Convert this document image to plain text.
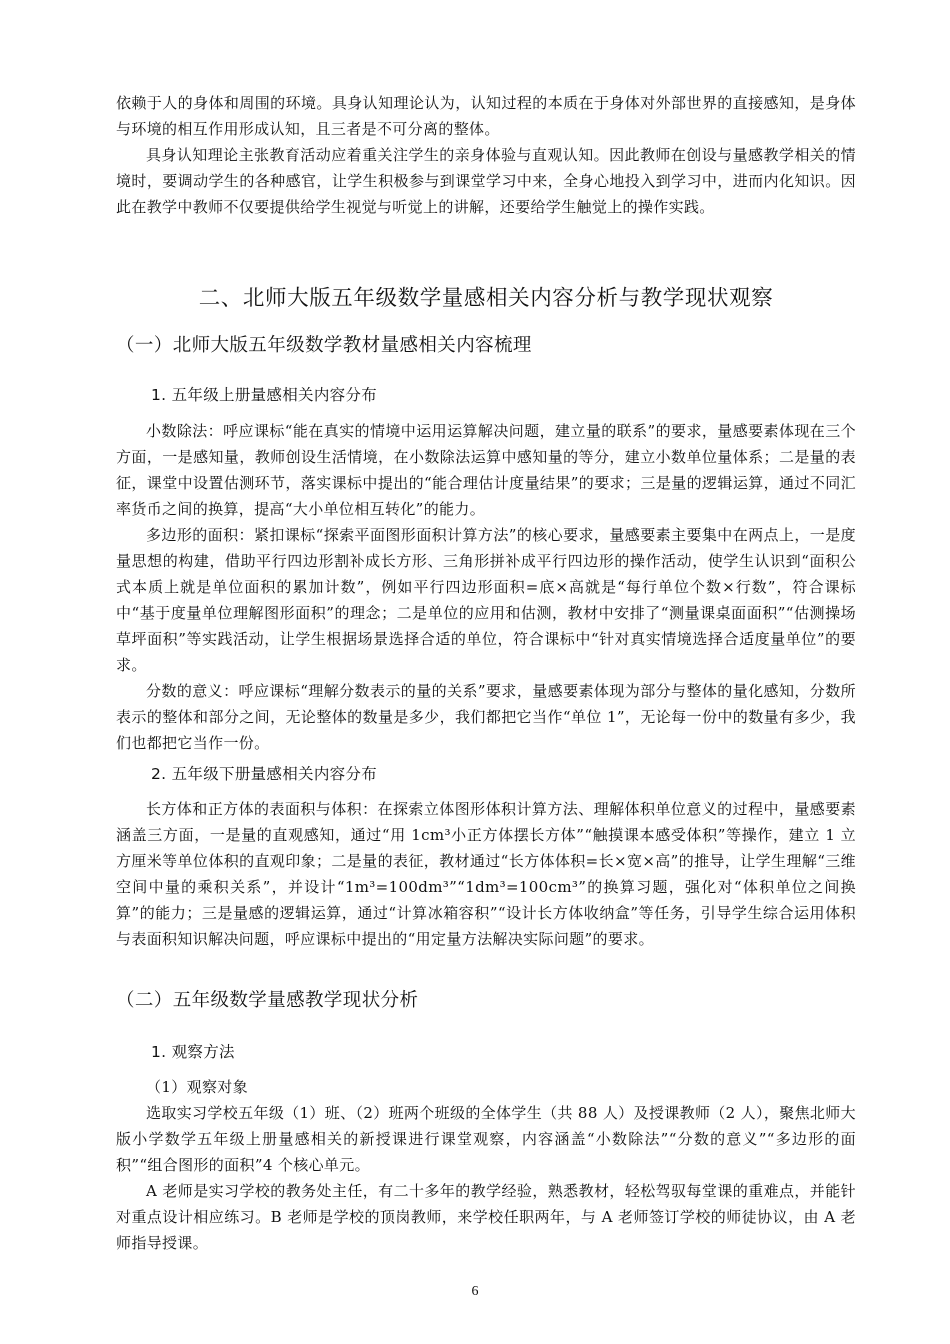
依赖于人的身体和周围的环境。具身认知理论认为，认知过程的本质在于身体对外部世界的直接感知，是身体与环境的相互作用形成认知，且三者是不可分离的整体。

具身认知理论主张教育活动应着重关注学生的亲身体验与直观认知。因此教师在创设与量感教学相关的情境时，要调动学生的各种感官，让学生积极参与到课堂学习中来，全身心地投入到学习中，进而内化知识。因此在教学中教师不仅要提供给学生视觉与听觉上的讲解，还要给学生触觉上的操作实践。

二、北师大版五年级数学量感相关内容分析与教学现状观察
（一）北师大版五年级数学教材量感相关内容梳理
1. 五年级上册量感相关内容分布

小数除法：呼应课标“能在真实的情境中运用运算解决问题，建立量的联系”的要求，量感要素体现在三个方面，一是感知量，教师创设生活情境，在小数除法运算中感知量的等分，建立小数单位量体系；二是量的表征，课堂中设置估测环节，落实课标中提出的“能合理估计度量结果”的要求；三是量的逻辑运算，通过不同汇率货币之间的换算，提高“大小单位相互转化”的能力。

多边形的面积：紧扣课标“探索平面图形面积计算方法”的核心要求，量感要素主要集中在两点上，一是度量思想的构建，借助平行四边形割补成长方形、三角形拼补成平行四边形的操作活动，使学生认识到“面积公式本质上就是单位面积的累加计数”，例如平行四边形面积=底×高就是“每行单位个数×行数”，符合课标中“基于度量单位理解图形面积”的理念；二是单位的应用和估测，教材中安排了“测量课桌面面积”“估测操场草坪面积”等实践活动，让学生根据场景选择合适的单位，符合课标中“针对真实情境选择合适度量单位”的要求。

分数的意义：呼应课标“理解分数表示的量的关系”要求，量感要素体现为部分与整体的量化感知，分数所表示的整体和部分之间，无论整体的数量是多少，我们都把它当作“单位 1”，无论每一份中的数量有多少，我们也都把它当作一份。

2. 五年级下册量感相关内容分布

长方体和正方体的表面积与体积：在探索立体图形体积计算方法、理解体积单位意义的过程中，量感要素涵盖三方面，一是量的直观感知，通过“用 1cm³小正方体摆长方体”“触摸课本感受体积”等操作，建立 1 立方厘米等单位体积的直观印象；二是量的表征，教材通过“长方体体积=长×宽×高”的推导，让学生理解“三维空间中量的乘积关系”，并设计“1m³=100dm³”“1dm³=100cm³”的换算习题，强化对“体积单位之间换算”的能力；三是量感的逻辑运算，通过“计算冰箱容积”“设计长方体收纳盒”等任务，引导学生综合运用体积与表面积知识解决问题，呼应课标中提出的“用定量方法解决实际问题”的要求。

（二）五年级数学量感教学现状分析
1. 观察方法

（1）观察对象

选取实习学校五年级（1）班、（2）班两个班级的全体学生（共 88 人）及授课教师（2 人），聚焦北师大版小学数学五年级上册量感相关的新授课进行课堂观察，内容涵盖“小数除法”“分数的意义”“多边形的面积”“组合图形的面积”4 个核心单元。

A 老师是实习学校的教务处主任，有二十多年的教学经验，熟悉教材，轻松驾驭每堂课的重难点，并能针对重点设计相应练习。B 老师是学校的顶岗教师，来学校任职两年，与 A 老师签订学校的师徒协议，由 A 老师指导授课。

6
